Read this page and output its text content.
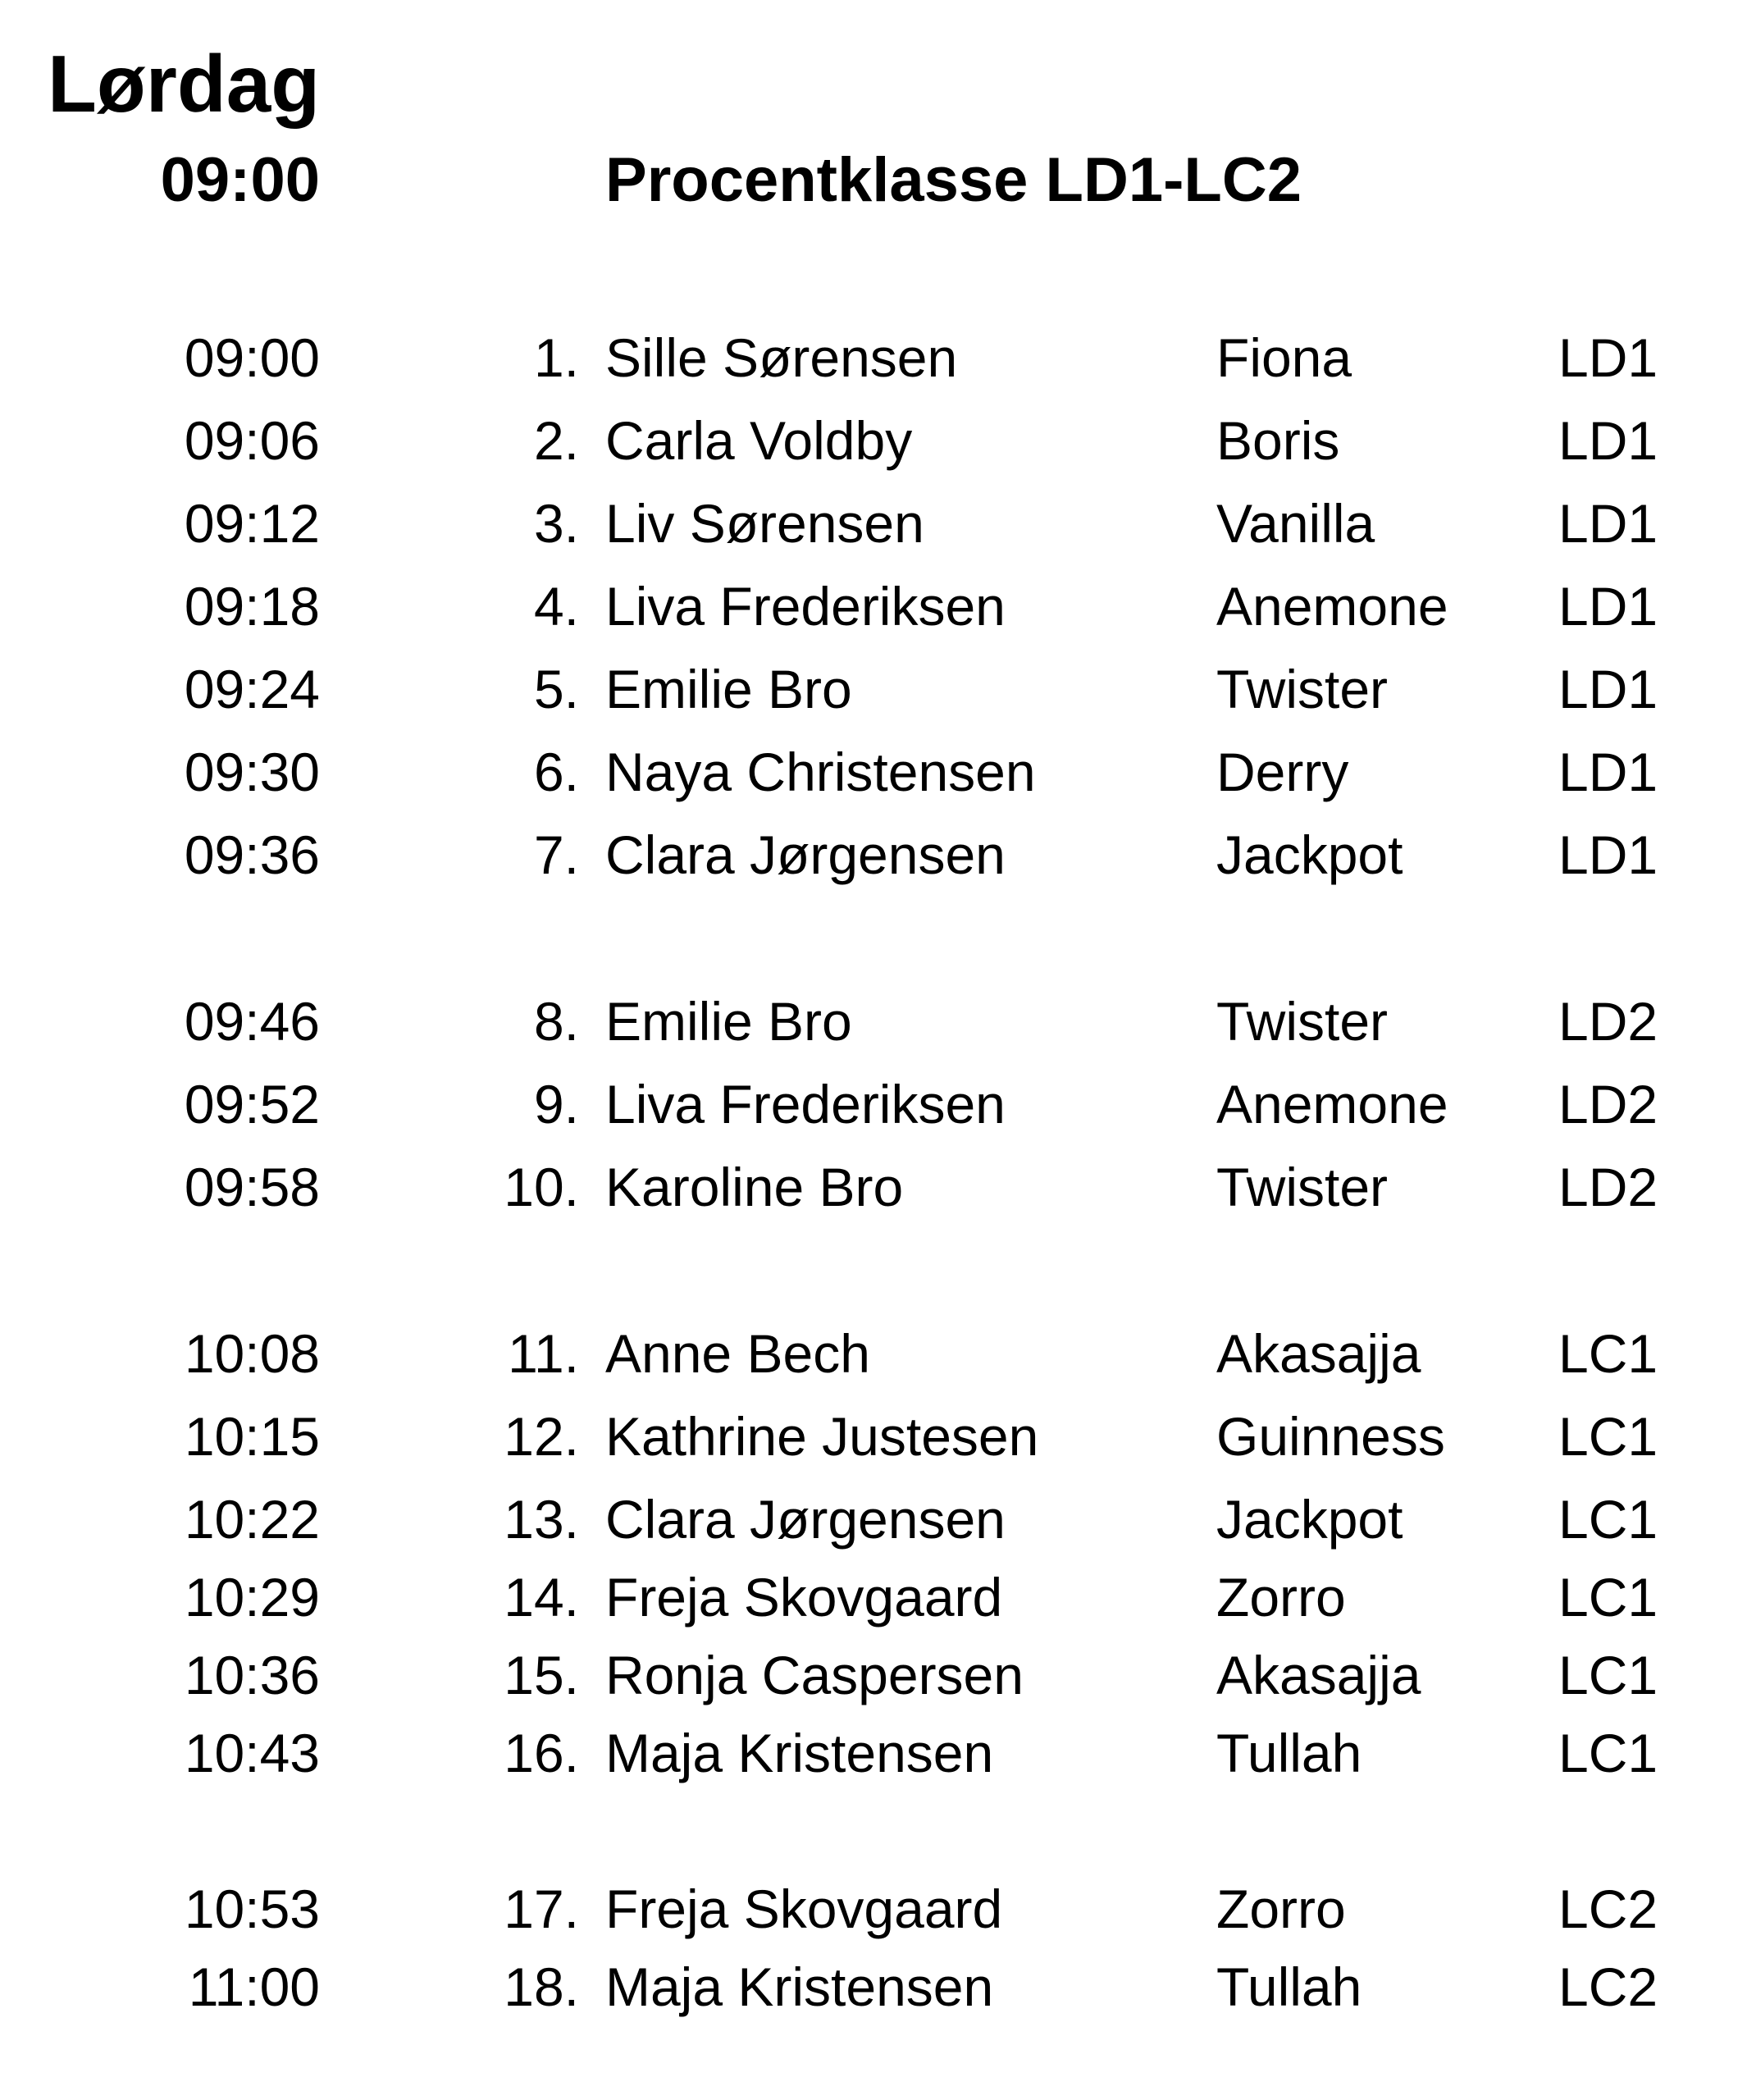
Lørdag
09:00	Procentklasse LD1-LC2
09:00	1. Sille Sørensen	Fiona	LD1
09:06	2. Carla Voldby	Boris	LD1
09:12	3. Liv Sørensen	Vanilla	LD1
09:18	4. Liva Frederiksen	Anemone LD1
09:24	5. Emilie Bro	Twister	LD1
09:30	6. Naya Christensen	Derry	LD1
09:36	7. Clara Jørgensen	Jackpot	LD1
09:46	8. Emilie Bro	Twister	LD2
09:52	9. Liva Frederiksen	Anemone LD2
09:58	10. Karoline Bro	Twister	LD2
10:08	11. Anne Bech	Akasajja	LC1
10:15	12. Kathrine Justesen	Guinness LC1
10:22	13. Clara Jørgensen	Jackpot	LC1
10:29	14. Freja Skovgaard	Zorro	LC1
10:36	15. Ronja Caspersen	Akasajja	LC1
10:43	16. Maja Kristensen	Tullah	LC1
10:53	17. Freja Skovgaard	Zorro	LC2
11:00	18. Maja Kristensen	Tullah	LC2
